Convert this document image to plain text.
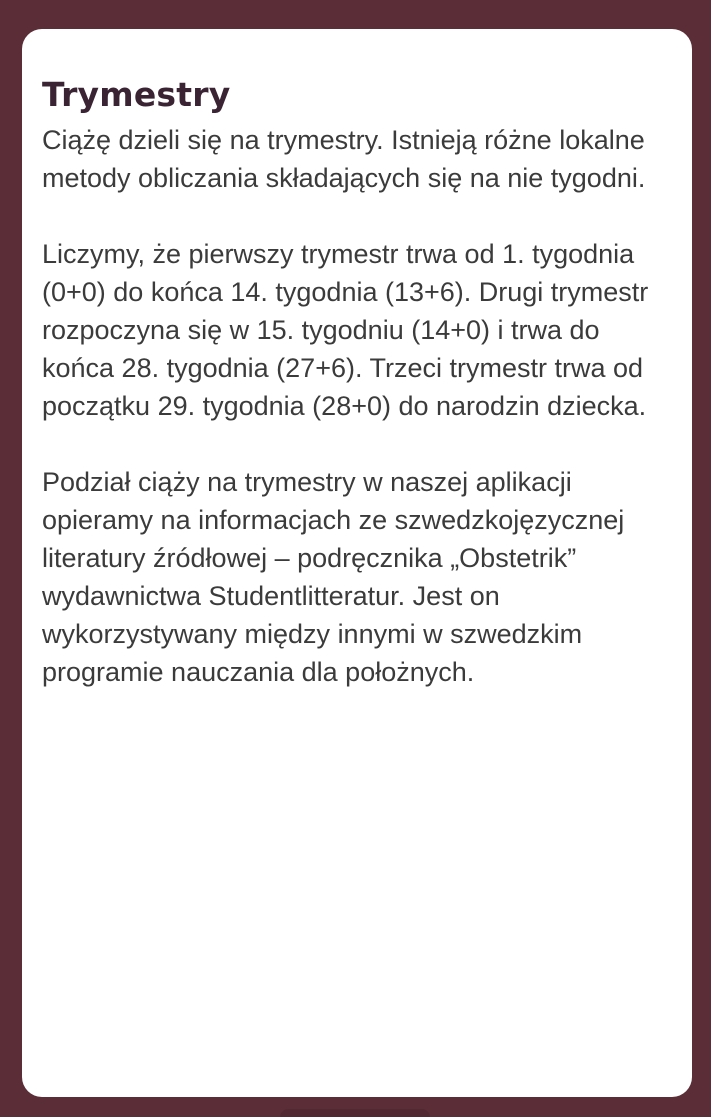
Trymestry

Ciążę dzieli się na trymestry. Istnieją różne lokalne metody obliczania składających się na nie tygodni.

Liczymy, że pierwszy trymestr trwa od 1. tygodnia (0+0) do końca 14. tygodnia (13+6). Drugi trymestr rozpoczyna się w 15. tygodniu (14+0) i trwa do końca 28. tygodnia (27+6). Trzeci trymestr trwa od początku 29. tygodnia (28+0) do narodzin dziecka.

Podział ciąży na trymestry w naszej aplikacji opieramy na informacjach ze szwedzkojęzycznej literatury źródłowej – podręcznika „Obstetrik” wydawnictwa Studentlitteratur. Jest on wykorzystywany między innymi w szwedzkim programie nauczania dla położnych.
